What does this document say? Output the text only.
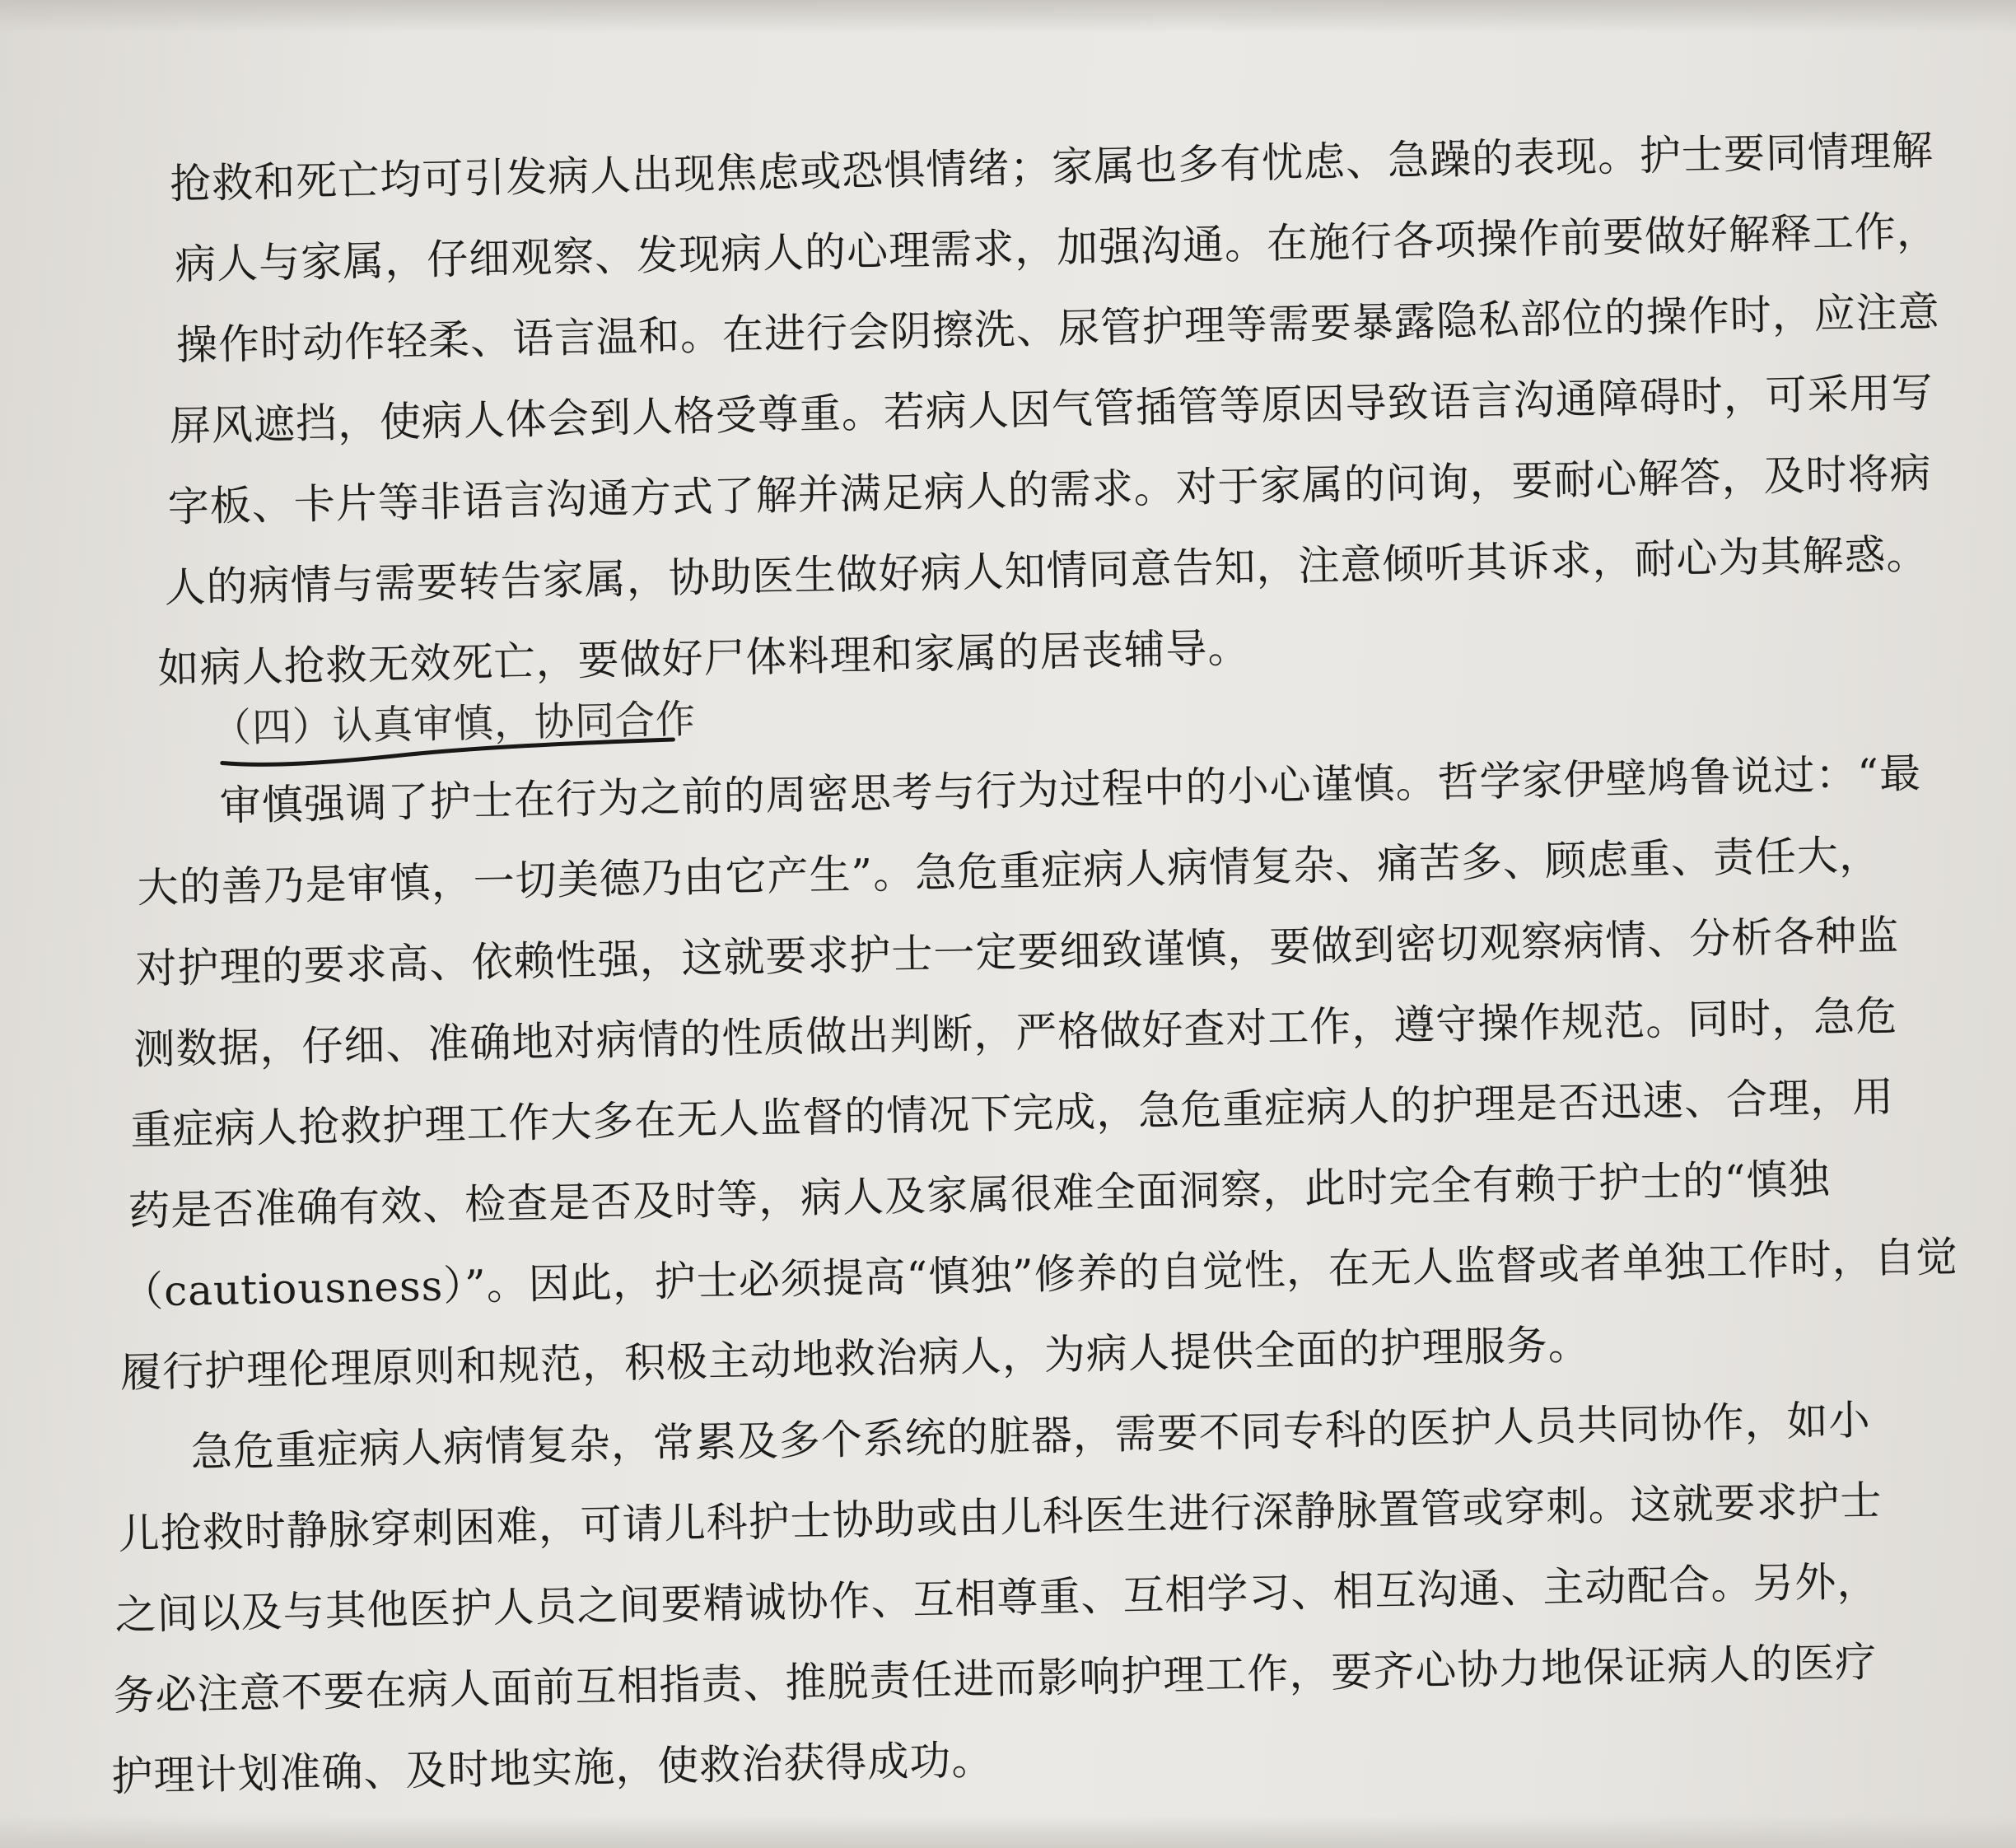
抢救和死亡均可引发病人出现焦虑或恐惧情绪；家属也多有忧虑、急躁的表现。护士要同情理解
病人与家属，仔细观察、发现病人的心理需求，加强沟通。在施行各项操作前要做好解释工作，
操作时动作轻柔、语言温和。在进行会阴擦洗、尿管护理等需要暴露隐私部位的操作时，应注意
屏风遮挡，使病人体会到人格受尊重。若病人因气管插管等原因导致语言沟通障碍时，可采用写
字板、卡片等非语言沟通方式了解并满足病人的需求。对于家属的问询，要耐心解答，及时将病
人的病情与需要转告家属，协助医生做好病人知情同意告知，注意倾听其诉求，耐心为其解惑。
如病人抢救无效死亡，要做好尸体料理和家属的居丧辅导。
（四）认真审慎，协同合作
审慎强调了护士在行为之前的周密思考与行为过程中的小心谨慎。哲学家伊壁鸠鲁说过：“最
大的善乃是审慎，一切美德乃由它产生”。急危重症病人病情复杂、痛苦多、顾虑重、责任大，
对护理的要求高、依赖性强，这就要求护士一定要细致谨慎，要做到密切观察病情、分析各种监
测数据，仔细、准确地对病情的性质做出判断，严格做好查对工作，遵守操作规范。同时，急危
重症病人抢救护理工作大多在无人监督的情况下完成，急危重症病人的护理是否迅速、合理，用
药是否准确有效、检查是否及时等，病人及家属很难全面洞察，此时完全有赖于护士的“慎独
（cautiousness）”。因此，护士必须提高“慎独”修养的自觉性，在无人监督或者单独工作时，自觉
履行护理伦理原则和规范，积极主动地救治病人，为病人提供全面的护理服务。
急危重症病人病情复杂，常累及多个系统的脏器，需要不同专科的医护人员共同协作，如小
儿抢救时静脉穿刺困难，可请儿科护士协助或由儿科医生进行深静脉置管或穿刺。这就要求护士
之间以及与其他医护人员之间要精诚协作、互相尊重、互相学习、相互沟通、主动配合。另外，
务必注意不要在病人面前互相指责、推脱责任进而影响护理工作，要齐心协力地保证病人的医疗
护理计划准确、及时地实施，使救治获得成功。
